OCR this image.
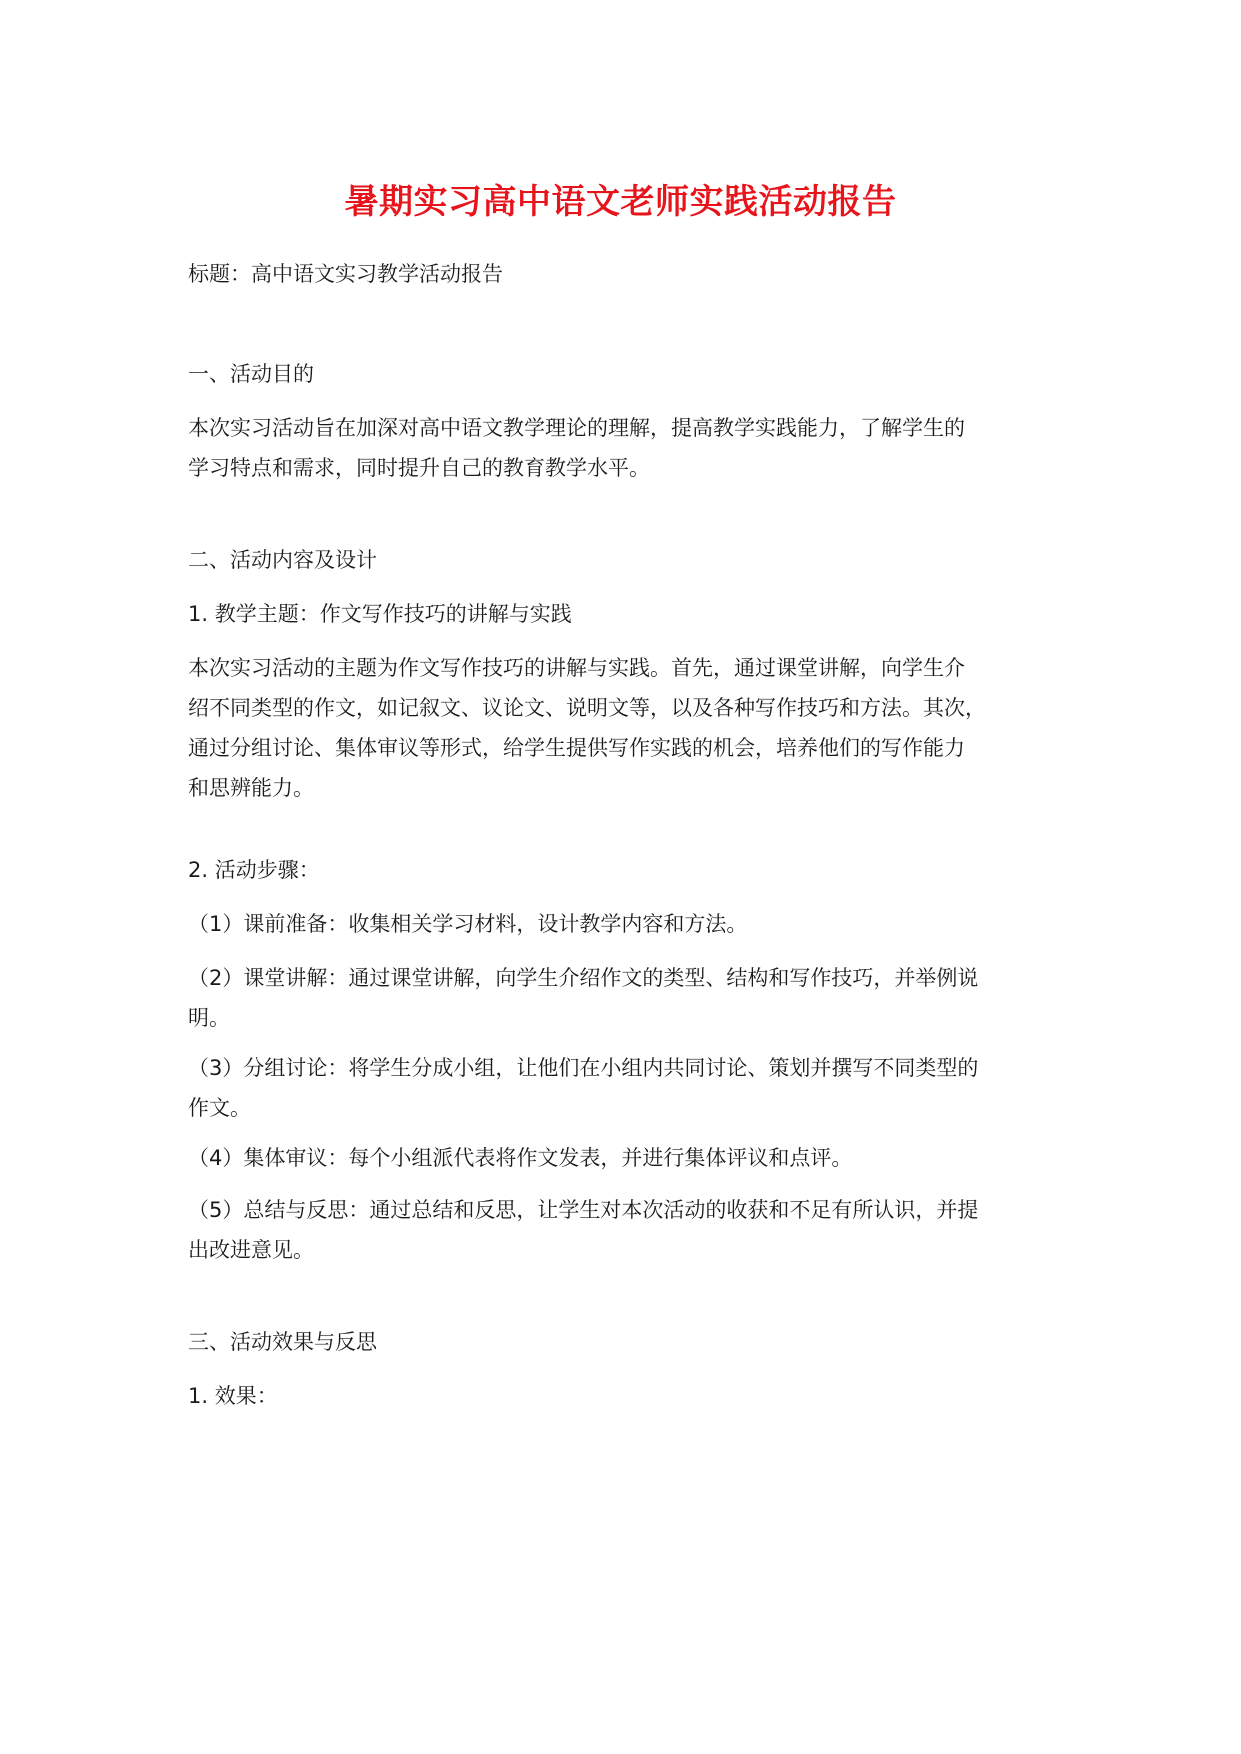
暑期实习高中语文老师实践活动报告

标题：高中语文实习教学活动报告

一、活动目的

本次实习活动旨在加深对高中语文教学理论的理解，提高教学实践能力，了解学生的
学习特点和需求，同时提升自己的教育教学水平。

二、活动内容及设计

1. 教学主题：作文写作技巧的讲解与实践

本次实习活动的主题为作文写作技巧的讲解与实践。首先，通过课堂讲解，向学生介
绍不同类型的作文，如记叙文、议论文、说明文等，以及各种写作技巧和方法。其次，
通过分组讨论、集体审议等形式，给学生提供写作实践的机会，培养他们的写作能力
和思辨能力。

2. 活动步骤：

（1）课前准备：收集相关学习材料，设计教学内容和方法。

（2）课堂讲解：通过课堂讲解，向学生介绍作文的类型、结构和写作技巧，并举例说
明。

（3）分组讨论：将学生分成小组，让他们在小组内共同讨论、策划并撰写不同类型的
作文。

（4）集体审议：每个小组派代表将作文发表，并进行集体评议和点评。

（5）总结与反思：通过总结和反思，让学生对本次活动的收获和不足有所认识，并提
出改进意见。

三、活动效果与反思

1. 效果：
